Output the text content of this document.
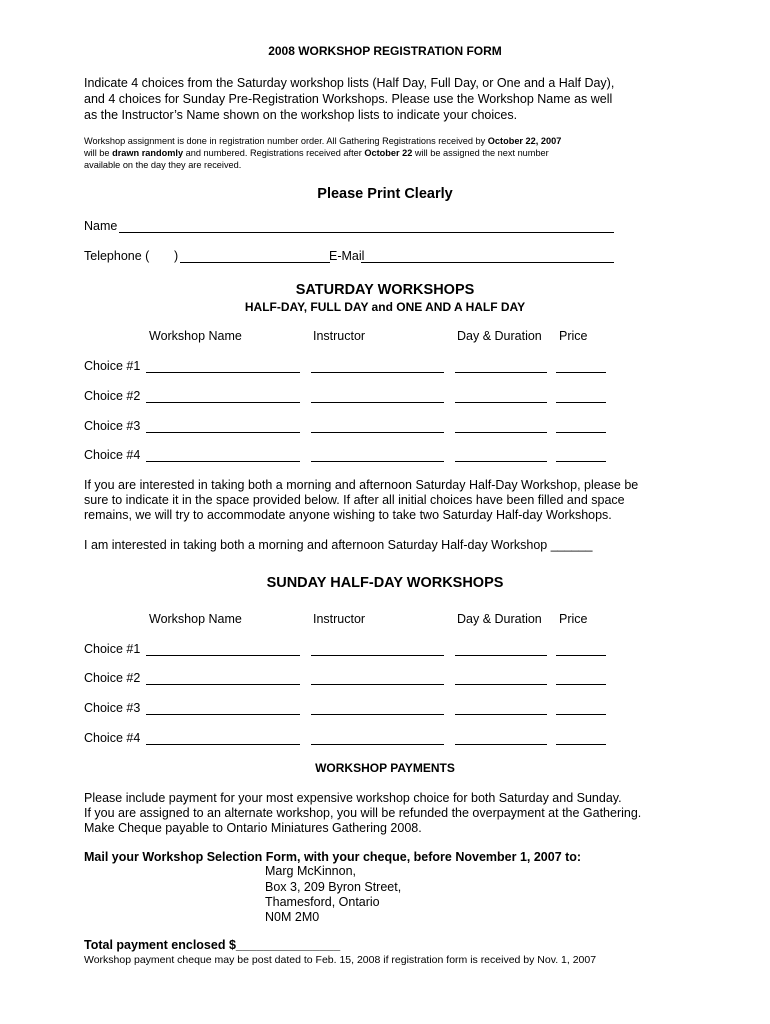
2008 WORKSHOP REGISTRATION FORM
Indicate 4 choices from the Saturday workshop lists (Half Day, Full Day, or One and a Half Day),
and 4 choices for Sunday Pre-Registration Workshops. Please use the Workshop Name as well
as the Instructor’s Name shown on the workshop lists to indicate your choices.
Workshop assignment is done in registration number order. All Gathering Registrations received by October 22, 2007
will be drawn randomly and numbered. Registrations received after October 22 will be assigned the next number
available on the day they are received.
Please Print Clearly
Name
Telephone ( )	E-Mail
SATURDAY WORKSHOPS
HALF-DAY, FULL DAY and ONE AND A HALF DAY
Workshop Name	Instructor	Day & Duration Price
Choice #1
Choice #2
Choice #3
Choice #4
If you are interested in taking both a morning and afternoon Saturday Half-Day Workshop, please be
sure to indicate it in the space provided below. If after all initial choices have been filled and space
remains, we will try to accommodate anyone wishing to take two Saturday Half-day Workshops.
I am interested in taking both a morning and afternoon Saturday Half-day Workshop ______
SUNDAY HALF-DAY WORKSHOPS
Workshop Name	Instructor	Day & Duration Price
Choice #1
Choice #2
Choice #3
Choice #4
WORKSHOP PAYMENTS
Please include payment for your most expensive workshop choice for both Saturday and Sunday.
If you are assigned to an alternate workshop, you will be refunded the overpayment at the Gathering.
Make Cheque payable to Ontario Miniatures Gathering 2008.
Mail your Workshop Selection Form, with your cheque, before November 1, 2007 to:
Marg McKinnon,
Box 3, 209 Byron Street,
Thamesford, Ontario
N0M 2M0
Total payment enclosed $_______________
Workshop payment cheque may be post dated to Feb. 15, 2008 if registration form is received by Nov. 1, 2007
